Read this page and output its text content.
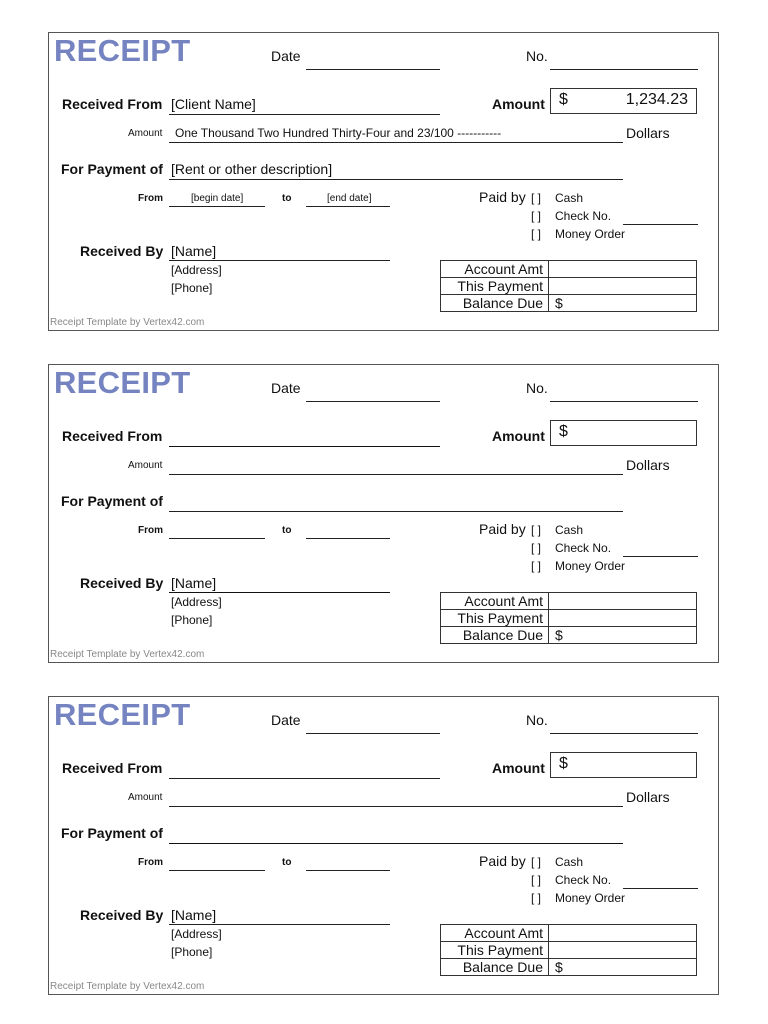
RECEIPT	Date	No.
Received From [Client Name]	Amount $	1,234.23
Amount One Thousand Two Hundred Thirty-Four and 23/100 -----------	Dollars
For Payment of [Rent or other description]
From	[begin date]	to	[end date]	Paid by [ ] Cash
[ ] Check No.
[ ] Money Order
Received By [Name]
[Address]
[Phone]
Account Amt	
This Payment	
Balance Due	$
Receipt Template by Vertex42.com
RECEIPT	Date	No.
Received From	Amount $
Amount	Dollars
For Payment of
From	to	Paid by [ ] Cash
[ ] Check No.
[ ] Money Order
Received By [Name]
[Address]
[Phone]
Account Amt	
This Payment	
Balance Due	$
Receipt Template by Vertex42.com
RECEIPT	Date	No.
Received From	Amount $
Amount	Dollars
For Payment of
From	to	Paid by [ ] Cash
[ ] Check No.
[ ] Money Order
Received By [Name]
[Address]
[Phone]
Account Amt	
This Payment	
Balance Due	$
Receipt Template by Vertex42.com
